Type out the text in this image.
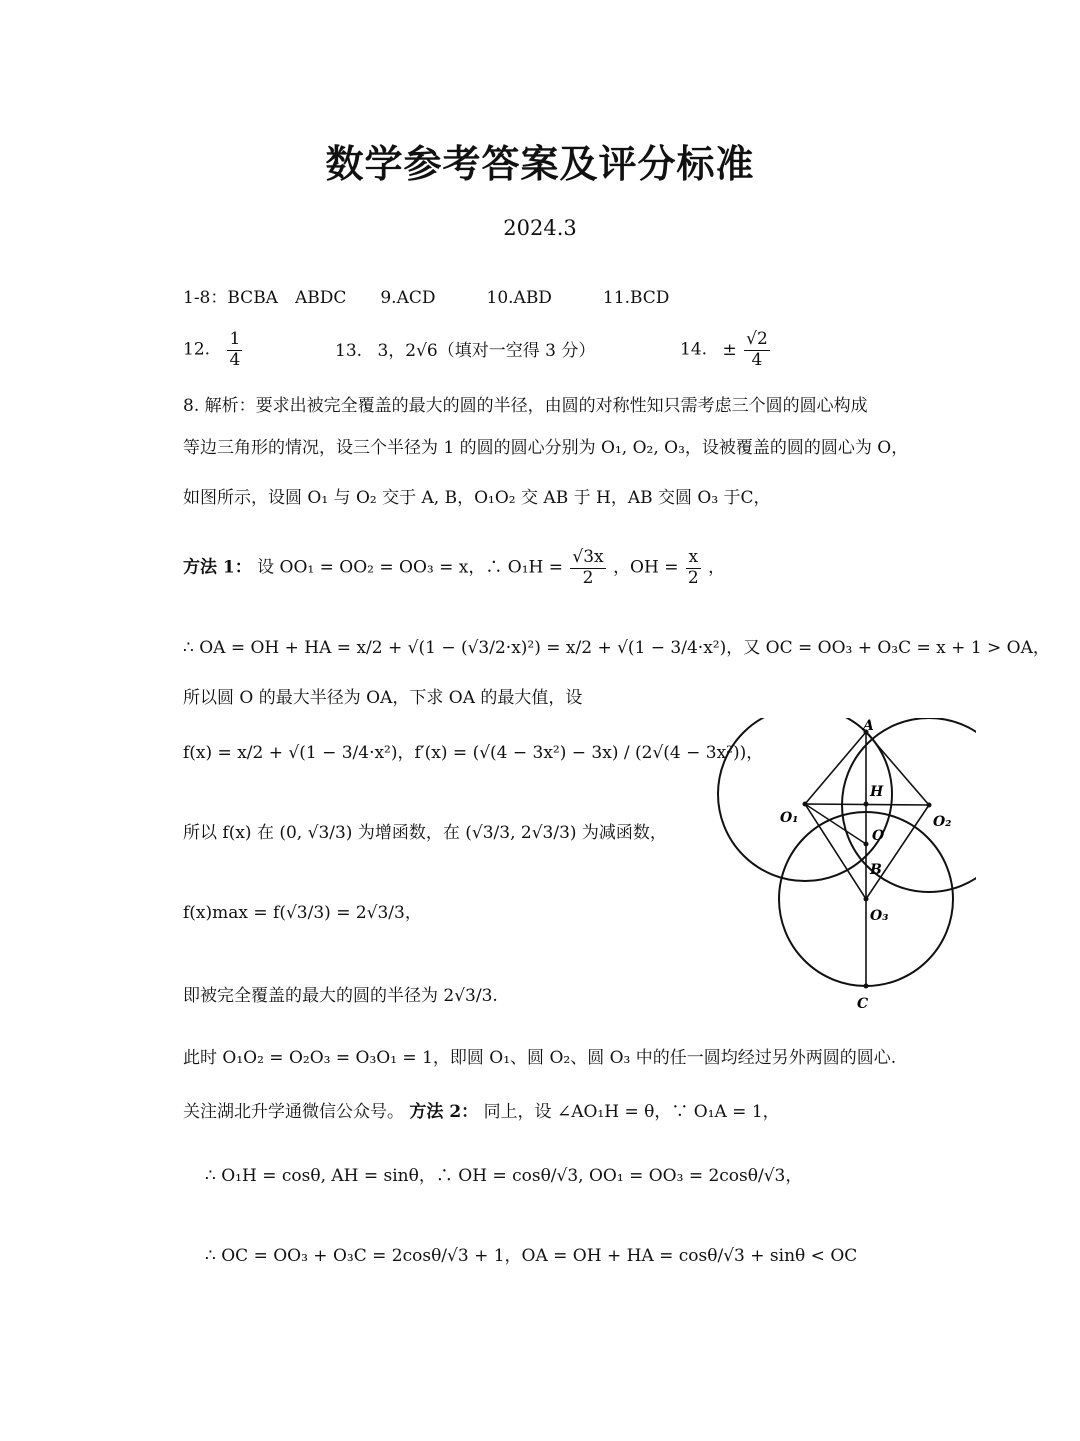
数学参考答案及评分标准
2024.3
1-8：BCBA　ABDC　　9.ACD　　　10.ABD　　　11.BCD
12. $\frac{1}{4}$	13. 3，2√6（填对一空得 3 分）	14. ± $\frac{√2}{4}$
8. 解析：要求出被完全覆盖的最大的圆的半径，由圆的对称性知只需考虑三个圆的圆心构成
等边三角形的情况，设三个半径为 1 的圆的圆心分别为 O₁, O₂, O₃，设被覆盖的圆的圆心为 O，
如图所示，设圆 O₁ 与 O₂ 交于 A, B，O₁O₂ 交 AB 于 H，AB 交圆 O₃ 于C，
方法 1： 设 OO₁ = OO₂ = OO₃ = x，∴ $O_1H = \frac{√3x}{2}$ ，OH = $\frac{x}{2}$ ，
∴ OA = OH + HA = x/2 + √(1 − (√3/2·x)²) = x/2 + √(1 − 3/4·x²)，又 OC = OO₃ + O₃C = x + 1 > OA，
所以圆 O 的最大半径为 OA，下求 OA 的最大值，设
f(x) = x/2 + √(1 − 3/4·x²)，f′(x) = (√(4 − 3x²) − 3x) / (2√(4 − 3x²))，
所以 f(x) 在 (0, √3/3) 为增函数，在 (√3/3, 2√3/3) 为减函数，
f(x)max = f(√3/3) = 2√3/3，
即被完全覆盖的最大的圆的半径为 2√3/3.
此时 O₁O₂ = O₂O₃ = O₃O₁ = 1，即圆 O₁、圆 O₂、圆 O₃ 中的任一圆均经过另外两圆的圆心.
关注湖北升学通微信公众号。 方法 2： 同上，设 ∠AO₁H = θ，∵ O₁A = 1，
∴ O₁H = cosθ, AH = sinθ，∴ OH = cosθ/√3, OO₁ = OO₃ = 2cosθ/√3，
∴ OC = OO₃ + O₃C = 2cosθ/√3 + 1，OA = OH + HA = cosθ/√3 + sinθ < OC
A
H
O₁	O₂
O
B
O₃
C
